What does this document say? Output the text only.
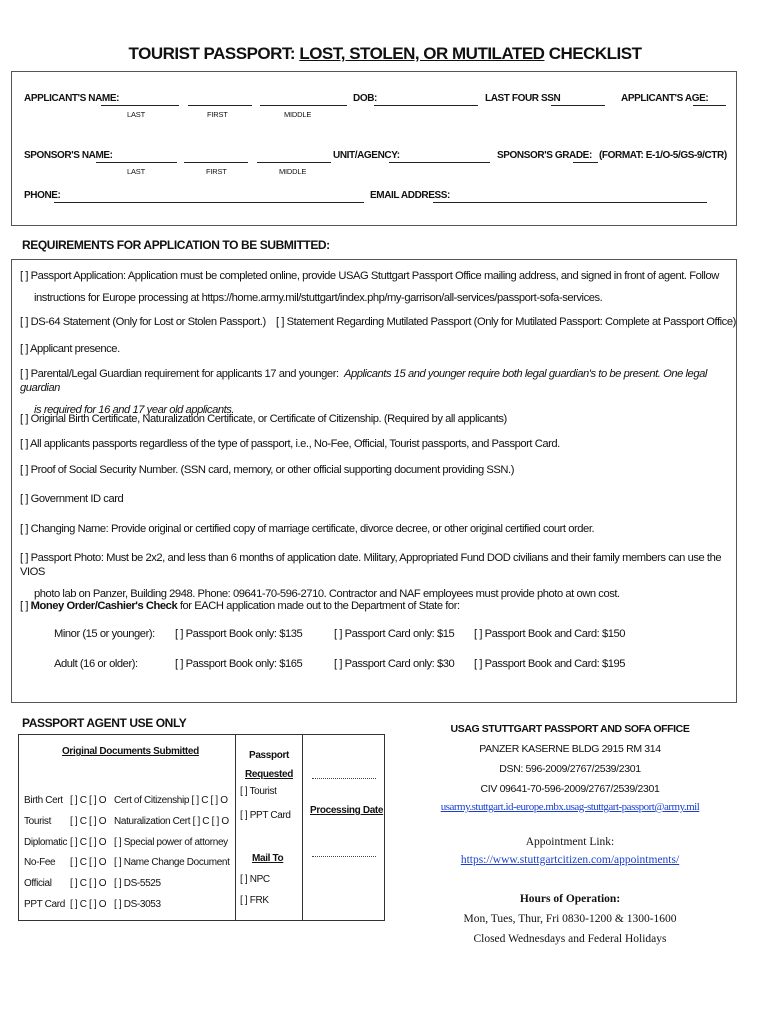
TOURIST PASSPORT: LOST, STOLEN, OR MUTILATED CHECKLIST
APPLICANT'S NAME:
LAST	FIRST	MIDDLE
DOB:	LAST FOUR SSN	APPLICANT'S AGE:
SPONSOR'S NAME:
LAST	FIRST	MIDDLE
UNIT/AGENCY:	SPONSOR'S GRADE: (FORMAT: E-1/O-5/GS-9/CTR)
PHONE:	EMAIL ADDRESS:
REQUIREMENTS FOR APPLICATION TO BE SUBMITTED:
[ ] Passport Application: Application must be completed online, provide USAG Stuttgart Passport Office mailing address, and signed in front of agent. Follow
instructions for Europe processing at https://home.army.mil/stuttgart/index.php/my-garrison/all-services/passport-sofa-services.
[ ] DS-64 Statement (Only for Lost or Stolen Passport.) [ ] Statement Regarding Mutilated Passport (Only for Mutilated Passport: Complete at Passport Office)
[ ] Applicant presence.
[ ] Parental/Legal Guardian requirement for applicants 17 and younger: Applicants 15 and younger require both legal guardian's to be present. One legal guardian
is required for 16 and 17 year old applicants.
[ ] Original Birth Certificate, Naturalization Certificate, or Certificate of Citizenship. (Required by all applicants)
[ ] All applicants passports regardless of the type of passport, i.e., No-Fee, Official, Tourist passports, and Passport Card.
[ ] Proof of Social Security Number. (SSN card, memory, or other official supporting document providing SSN.)
[ ] Government ID card
[ ] Changing Name: Provide original or certified copy of marriage certificate, divorce decree, or other original certified court order.
[ ] Passport Photo: Must be 2x2, and less than 6 months of application date. Military, Appropriated Fund DOD civilians and their family members can use the VIOS
photo lab on Panzer, Building 2948. Phone: 09641-70-596-2710. Contractor and NAF employees must provide photo at own cost.
[ ] Money Order/Cashier's Check for EACH application made out to the Department of State for:
Minor (15 or younger): [ ] Passport Book only: $135	[ ] Passport Card only: $15 [ ] Passport Book and Card: $150
Adult (16 or older):	[ ] Passport Book only: $165	[ ] Passport Card only: $30 [ ] Passport Book and Card: $195
PASSPORT AGENT USE ONLY
Original Documents Submitted	Passport
Requested
Processing Date
Birth Cert [ ] C [ ] O Cert of Citizenship [ ] C [ ] O
Tourist [ ] C [ ] O Naturalization Cert [ ] C [ ] O
Diplomatic [ ] C [ ] O [ ] Special power of attorney
No-Fee [ ] C [ ] O [ ] Name Change Document
Official [ ] C [ ] O [ ] DS-5525
PPT Card [ ] C [ ] O [ ] DS-3053
[ ] Tourist
[ ] PPT Card
Mail To
[ ] NPC
[ ] FRK
USAG STUTTGART PASSPORT AND SOFA OFFICE
PANZER KASERNE BLDG 2915 RM 314
DSN: 596-2009/2767/2539/2301
CIV 09641-70-596-2009/2767/2539/2301
usarmy.stuttgart.id-europe.mbx.usag-stuttgart-passport@army.mil
Appointment Link:
https://www.stuttgartcitizen.com/appointments/
Hours of Operation:
Mon, Tues, Thur, Fri 0830-1200 & 1300-1600
Closed Wednesdays and Federal Holidays
